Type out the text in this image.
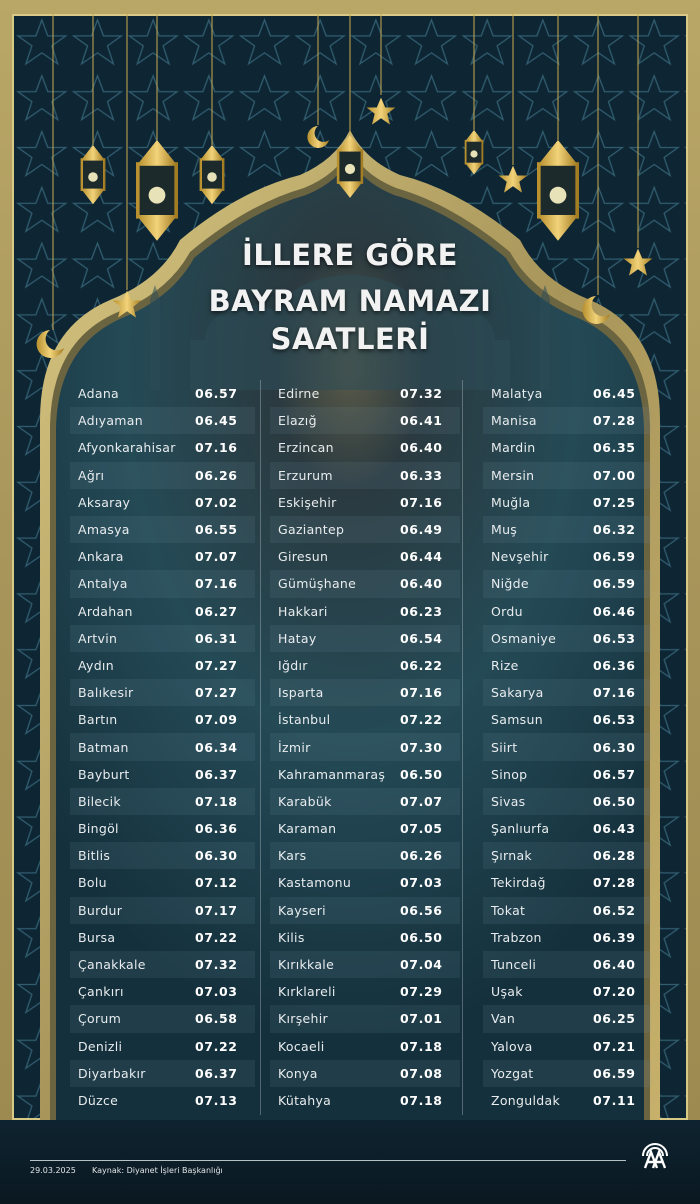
İLLERE GÖRE
BAYRAM NAMAZI
SAATLERİ
Adana	06.57
Adıyaman	06.45
Afyonkarahisar 07.16
Ağrı	06.26
Aksaray	07.02
Amasya	06.55
Ankara	07.07
Antalya	07.16
Ardahan	06.27
Artvin	06.31
Aydın	07.27
Balıkesir	07.27
Bartın	07.09
Batman	06.34
Bayburt	06.37
Bilecik	07.18
Bingöl	06.36
Bitlis	06.30
Bolu	07.12
Burdur	07.17
Bursa	07.22
Çanakkale	07.32
Çankırı	07.03
Çorum	06.58
Denizli	07.22
Diyarbakır	06.37
Düzce	07.13
Edirne	07.32
Elazığ	06.41
Erzincan	06.40
Erzurum	06.33
Eskişehir	07.16
Gaziantep	06.49
Giresun	06.44
Gümüşhane	06.40
Hakkari	06.23
Hatay	06.54
Iğdır	06.22
Isparta	07.16
İstanbul	07.22
İzmir	07.30
Kahramanmaraş 06.50
Karabük	07.07
Karaman	07.05
Kars	06.26
Kastamonu	07.03
Kayseri	06.56
Kilis	06.50
Kırıkkale	07.04
Kırklareli	07.29
Kırşehir	07.01
Kocaeli	07.18
Konya	07.08
Kütahya	07.18
Malatya	06.45
Manisa	07.28
Mardin	06.35
Mersin	07.00
Muğla	07.25
Muş	06.32
Nevşehir	06.59
Niğde	06.59
Ordu	06.46
Osmaniye	06.53
Rize	06.36
Sakarya	07.16
Samsun	06.53
Siirt	06.30
Sinop	06.57
Sivas	06.50
Şanlıurfa	06.43
Şırnak	06.28
Tekirdağ	07.28
Tokat	06.52
Trabzon	06.39
Tunceli	06.40
Uşak	07.20
Van	06.25
Yalova	07.21
Yozgat	06.59
Zonguldak	07.11
29.03.2025 Kaynak: Diyanet İşleri Başkanlığı
